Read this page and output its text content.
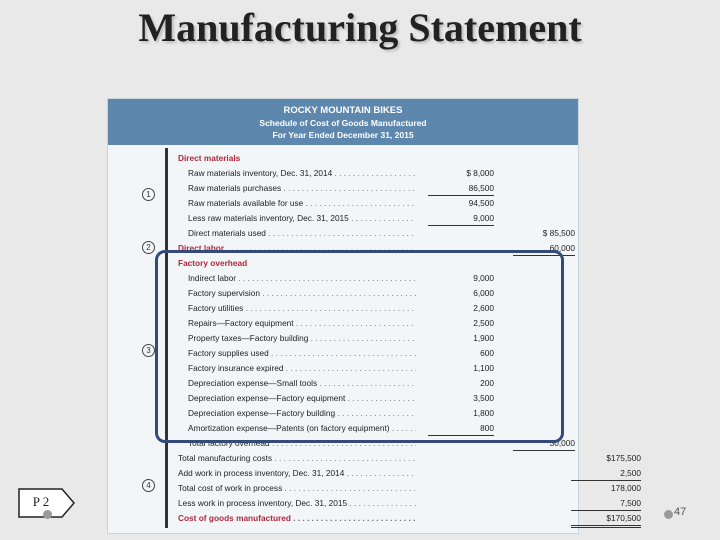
Manufacturing Statement
ROCKY MOUNTAIN BIKES
Schedule of Cost of Goods Manufactured
For Year Ended December 31, 2015
1
2
3
4
Direct materials
Raw materials inventory, Dec. 31, 2014 . . .	$ 8,000
Raw materials purchases . . .	86,500
Raw materials available for use . . .	94,500
Less raw materials inventory, Dec. 31, 2015 . . .	9,000
Direct materials used . . .	$ 85,500
Direct labor . . .	60,000
Factory overhead
Indirect labor . . .	9,000
Factory supervision . . .	6,000
Factory utilities . . .	2,600
Repairs—Factory equipment . . .	2,500
Property taxes—Factory building . . .	1,900
Factory supplies used . . .	600
Factory insurance expired . . .	1,100
Depreciation expense—Small tools . . .	200
Depreciation expense—Factory equipment . . .	3,500
Depreciation expense—Factory building . . .	1,800
Amortization expense—Patents (on factory equipment) . . .	800
Total factory overhead . . .	30,000
Total manufacturing costs . . .	$175,500
Add work in process inventory, Dec. 31, 2014 . . .	2,500
Total cost of work in process . . .	178,000
Less work in process inventory, Dec. 31, 2015 . . .	7,500
Cost of goods manufactured . . .	$170,500
P 2
47
